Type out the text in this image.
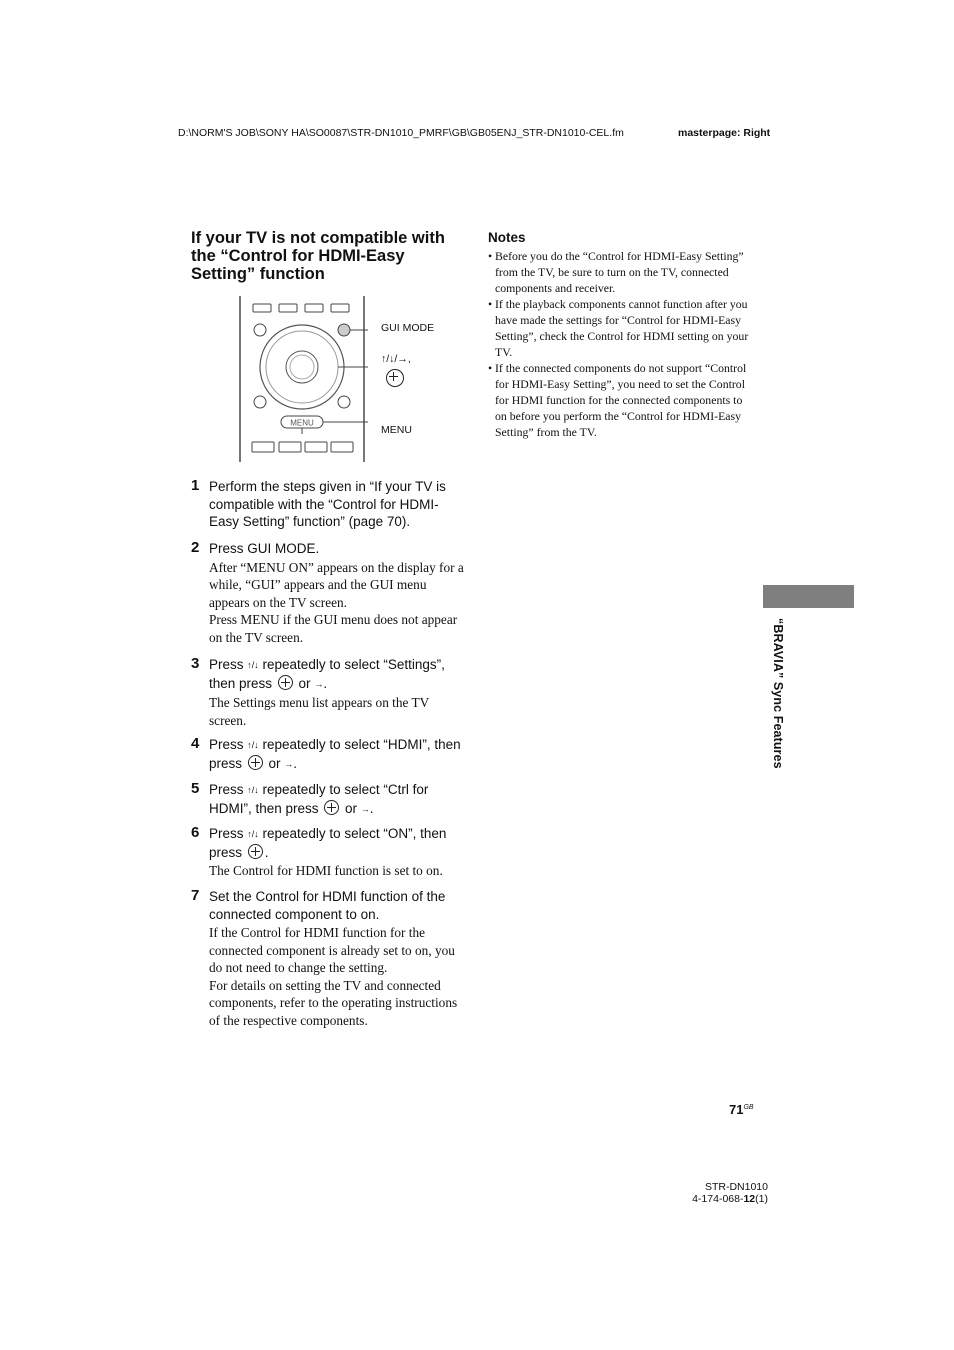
D:\NORM'S JOB\SONY HA\SO0087\STR-DN1010_PMRF\GB\GB05ENJ_STR-DN1010-CEL.fm	masterpage: Right
If your TV is not compatible with the “Control for HDMI-Easy Setting” function
MENU
GUI MODE
↑/↓/→,
MENU
1 Perform the steps given in “If your TV is compatible with the “Control for HDMI-Easy Setting” function” (page 70).
2 Press GUI MODE.
After “MENU ON” appears on the display for a while, “GUI” appears and the GUI menu appears on the TV screen.
Press MENU if the GUI menu does not appear on the TV screen.
3 Press ↑/↓ repeatedly to select “Settings”, then press  or →.
The Settings menu list appears on the TV screen.
4 Press ↑/↓ repeatedly to select “HDMI”, then press  or →.
5 Press ↑/↓ repeatedly to select “Ctrl for HDMI”, then press  or →.
6 Press ↑/↓ repeatedly to select “ON”, then press .
The Control for HDMI function is set to on.
7 Set the Control for HDMI function of the connected component to on.
If the Control for HDMI function for the connected component is already set to on, you do not need to change the setting.
For details on setting the TV and connected components, refer to the operating instructions of the respective components.
Notes
• Before you do the “Control for HDMI-Easy Setting” from the TV, be sure to turn on the TV, connected components and receiver.
• If the playback components cannot function after you have made the settings for “Control for HDMI-Easy Setting”, check the Control for HDMI setting on your TV.
• If the connected components do not support “Control for HDMI-Easy Setting”, you need to set the Control for HDMI function for the connected components to on before you perform the “Control for HDMI-Easy Setting” from the TV.
“BRAVIA” Sync Features
$71^{GB}$
STR-DN1010
4-174-068-12(1)
